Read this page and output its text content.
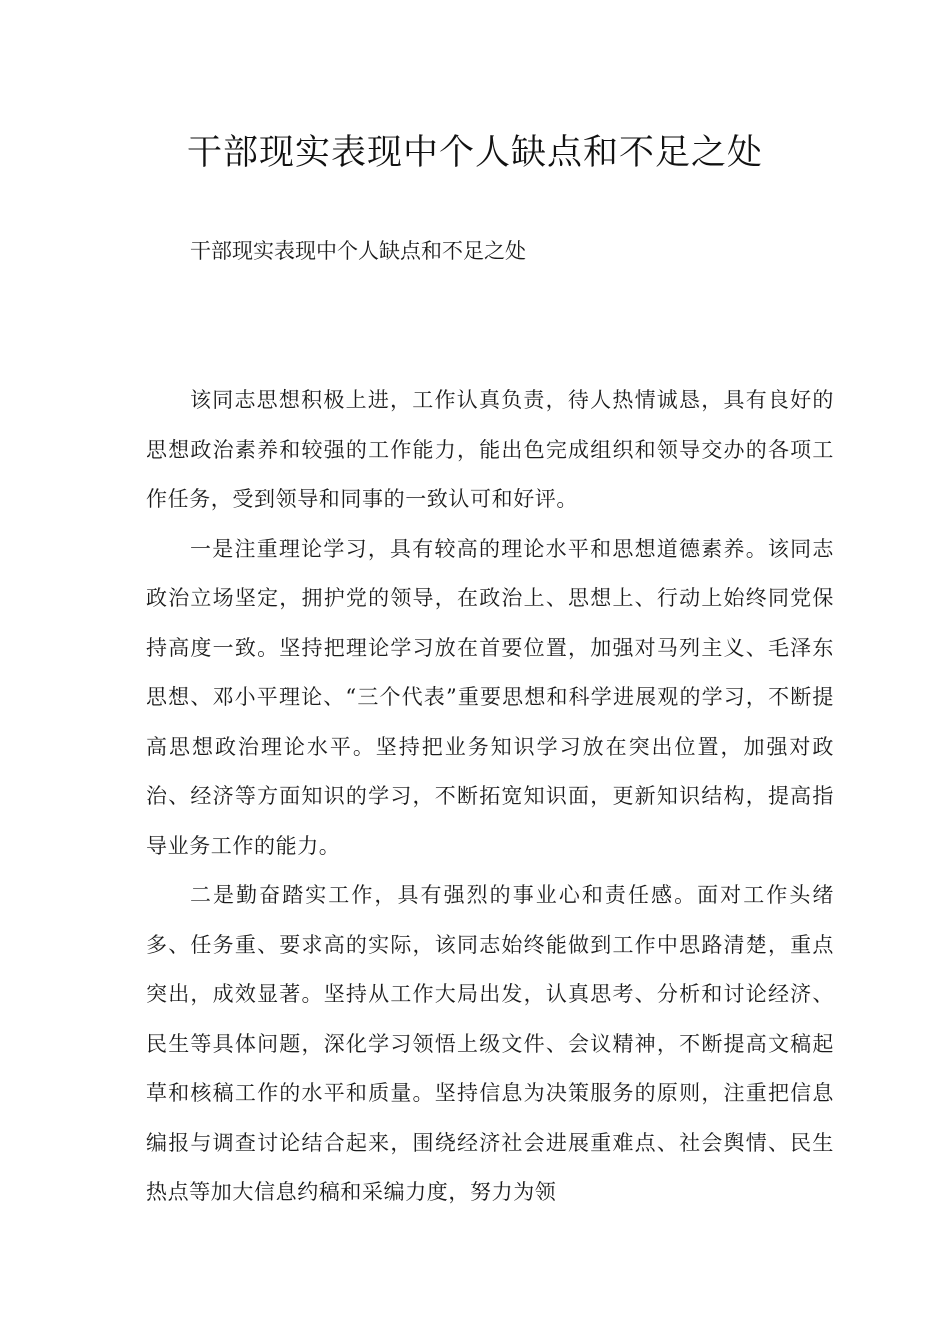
干部现实表现中个人缺点和不足之处

干部现实表现中个人缺点和不足之处

该同志思想积极上进，工作认真负责，待人热情诚恳，具有良好的思想政治素养和较强的工作能力，能出色完成组织和领导交办的各项工作任务，受到领导和同事的一致认可和好评。

一是注重理论学习，具有较高的理论水平和思想道德素养。该同志政治立场坚定，拥护党的领导，在政治上、思想上、行动上始终同党保持高度一致。坚持把理论学习放在首要位置，加强对马列主义、毛泽东思想、邓小平理论、“三个代表”重要思想和科学进展观的学习，不断提高思想政治理论水平。坚持把业务知识学习放在突出位置，加强对政治、经济等方面知识的学习，不断拓宽知识面，更新知识结构，提高指导业务工作的能力。

二是勤奋踏实工作，具有强烈的事业心和责任感。面对工作头绪多、任务重、要求高的实际，该同志始终能做到工作中思路清楚，重点突出，成效显著。坚持从工作大局出发，认真思考、分析和讨论经济、民生等具体问题，深化学习领悟上级文件、会议精神，不断提高文稿起草和核稿工作的水平和质量。坚持信息为决策服务的原则，注重把信息编报与调查讨论结合起来，围绕经济社会进展重难点、社会舆情、民生热点等加大信息约稿和采编力度，努力为领
